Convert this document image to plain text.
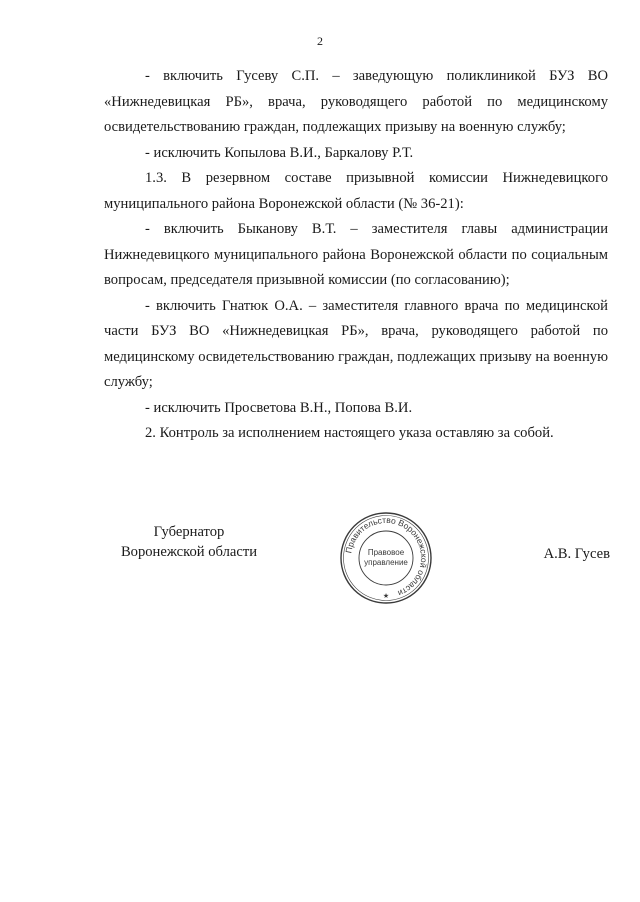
2

- включить Гусеву С.П. – заведующую поликлиникой БУЗ ВО «Нижнедевицкая РБ», врача, руководящего работой по медицинскому освидетельствованию граждан, подлежащих призыву на военную службу;

- исключить Копылова В.И., Баркалову Р.Т.

1.3. В резервном составе призывной комиссии Нижнедевицкого муниципального района Воронежской области (№ 36-21):

- включить Быканову В.Т. – заместителя главы администрации Нижнедевицкого муниципального района Воронежской области по социальным вопросам, председателя призывной комиссии (по согласованию);

- включить Гнатюк О.А. – заместителя главного врача по медицинской части БУЗ ВО «Нижнедевицкая РБ», врача, руководящего работой по медицинскому освидетельствованию граждан, подлежащих призыву на военную службу;

- исключить Просветова В.Н., Попова В.И.

2. Контроль за исполнением настоящего указа оставляю за собой.

Губернатор
Воронежской области	Правительство Воронежской области
Правовое
управление
★
А.В. Гусев
